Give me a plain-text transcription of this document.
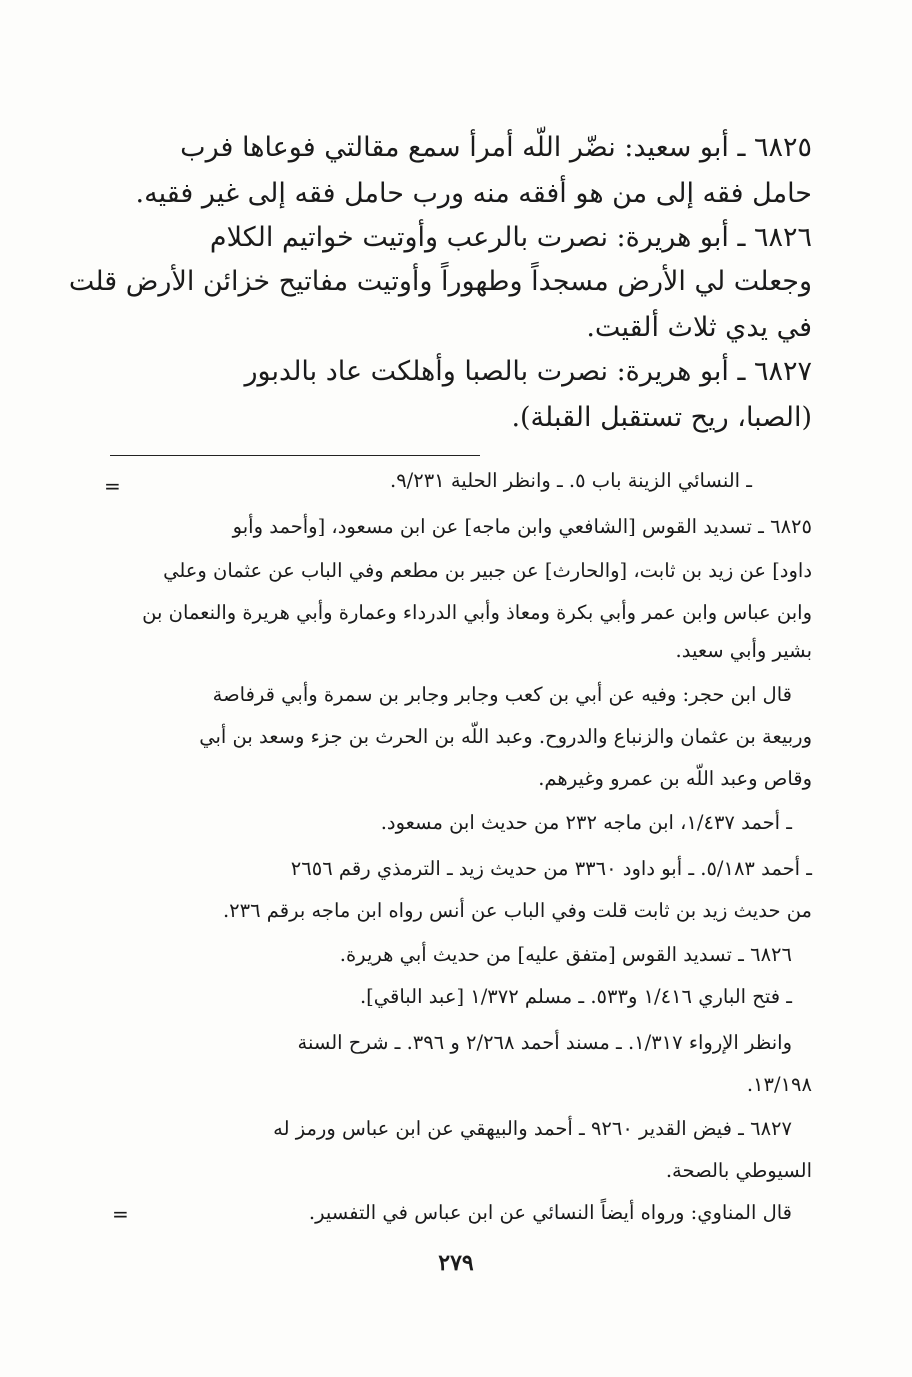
٦٨٢٥ ـ أبو سعيد: نضّر اللّه أمرأ سمع مقالتي فوعاها فرب
حامل فقه إلى من هو أفقه منه ورب حامل فقه إلى غير فقيه.
٦٨٢٦ ـ أبو هريرة: نصرت بالرعب وأوتيت خواتيم الكلام
وجعلت لي الأرض مسجداً وطهوراً وأوتيت مفاتيح خزائن الأرض قلت
في يدي ثلاث ألقيت.
٦٨٢٧ ـ أبو هريرة: نصرت بالصبا وأهلكت عاد بالدبور
(الصبا، ريح تستقبل القبلة).
=	ـ النسائي الزينة باب ٥. ـ وانظر الحلية ٩/٢٣١.
٦٨٢٥ ـ تسديد القوس [الشافعي وابن ماجه] عن ابن مسعود، [وأحمد وأبو
داود] عن زيد بن ثابت، [والحارث] عن جبير بن مطعم وفي الباب عن عثمان وعلي
وابن عباس وابن عمر وأبي بكرة ومعاذ وأبي الدرداء وعمارة وأبي هريرة والنعمان بن
بشير وأبي سعيد.
قال ابن حجر: وفيه عن أبي بن كعب وجابر وجابر بن سمرة وأبي قرفاصة
وربيعة بن عثمان والزنباع والدروح. وعبد اللّه بن الحرث بن جزء وسعد بن أبي
وقاص وعبد اللّه بن عمرو وغيرهم.
ـ أحمد ١/٤٣٧، ابن ماجه ٢٣٢ من حديث ابن مسعود.
ـ أحمد ٥/١٨٣. ـ أبو داود ٣٣٦٠ من حديث زيد ـ الترمذي رقم ٢٦٥٦
من حديث زيد بن ثابت قلت وفي الباب عن أنس رواه ابن ماجه برقم ٢٣٦.
٦٨٢٦ ـ تسديد القوس [متفق عليه] من حديث أبي هريرة.
ـ فتح الباري ١/٤١٦ و٥٣٣. ـ مسلم ١/٣٧٢ [عبد الباقي].
وانظر الإرواء ١/٣١٧. ـ مسند أحمد ٢/٢٦٨ و ٣٩٦. ـ شرح السنة
١٣/١٩٨.
٦٨٢٧ ـ فيض القدير ٩٢٦٠ ـ أحمد والبيهقي عن ابن عباس ورمز له
السيوطي بالصحة.
قال المناوي: ورواه أيضاً النسائي عن ابن عباس في التفسير.
=
٢٧٩
